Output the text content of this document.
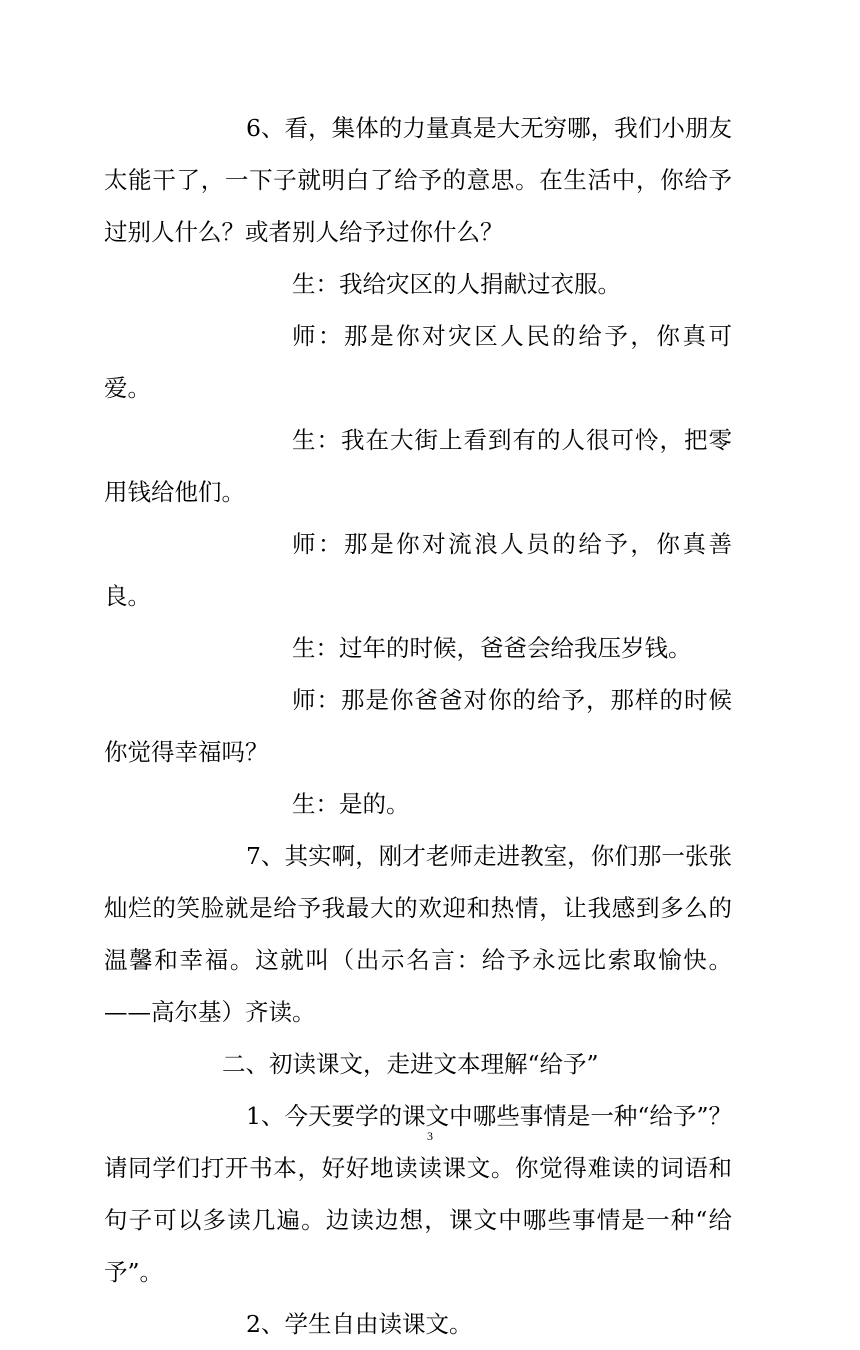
6、看，集体的力量真是大无穷哪，我们小朋友太能干了，一下子就明白了给予的意思。在生活中，你给予过别人什么？或者别人给予过你什么？

生：我给灾区的人捐献过衣服。

师：那是你对灾区人民的给予，你真可爱。

生：我在大街上看到有的人很可怜，把零用钱给他们。

师：那是你对流浪人员的给予，你真善良。

生：过年的时候，爸爸会给我压岁钱。

师：那是你爸爸对你的给予，那样的时候你觉得幸福吗？

生：是的。

7、其实啊，刚才老师走进教室，你们那一张张灿烂的笑脸就是给予我最大的欢迎和热情，让我感到多么的温馨和幸福。这就叫（出示名言：给予永远比索取愉快。——高尔基）齐读。

二、初读课文，走进文本理解“给予”

1、今天要学的课文中哪些事情是一种“给予”？请同学们打开书本，好好地读读课文。你觉得难读的词语和句子可以多读几遍。边读边想，课文中哪些事情是一种“给予”。

2、学生自由读课文。

3
